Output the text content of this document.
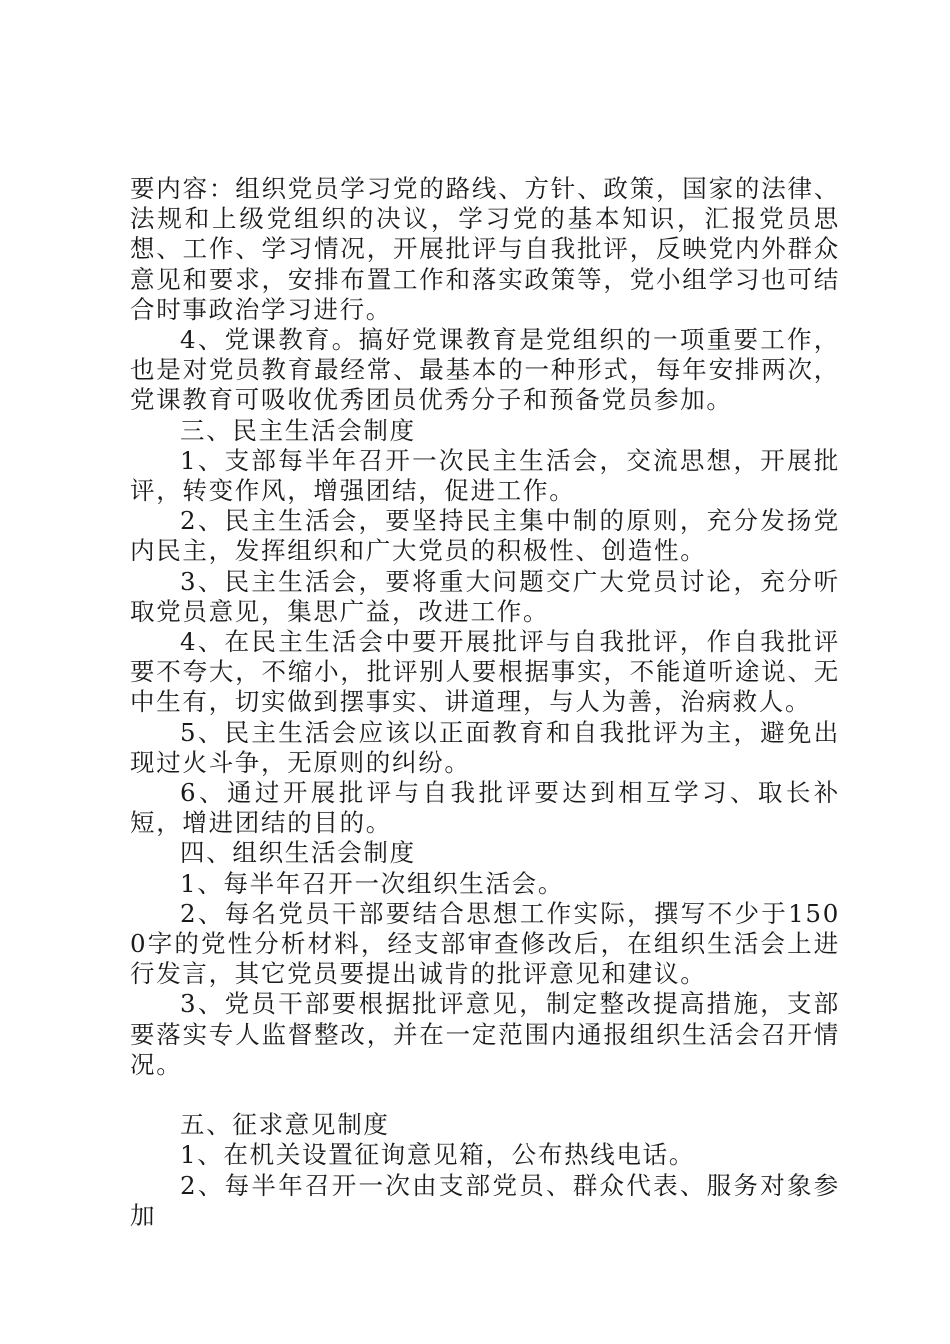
要内容：组织党员学习党的路线、方针、政策，国家的法律、法规和上级党组织的决议，学习党的基本知识，汇报党员思想、工作、学习情况，开展批评与自我批评，反映党内外群众意见和要求，安排布置工作和落实政策等，党小组学习也可结合时事政治学习进行。

4、党课教育。搞好党课教育是党组织的一项重要工作，也是对党员教育最经常、最基本的一种形式，每年安排两次，党课教育可吸收优秀团员优秀分子和预备党员参加。

三、民主生活会制度

1、支部每半年召开一次民主生活会，交流思想，开展批评，转变作风，增强团结，促进工作。

2、民主生活会，要坚持民主集中制的原则，充分发扬党内民主，发挥组织和广大党员的积极性、创造性。

3、民主生活会，要将重大问题交广大党员讨论，充分听取党员意见，集思广益，改进工作。

4、在民主生活会中要开展批评与自我批评，作自我批评要不夸大，不缩小，批评别人要根据事实，不能道听途说、无中生有，切实做到摆事实、讲道理，与人为善，治病救人。

5、民主生活会应该以正面教育和自我批评为主，避免出现过火斗争，无原则的纠纷。

6、通过开展批评与自我批评要达到相互学习、取长补短，增进团结的目的。

四、组织生活会制度

1、每半年召开一次组织生活会。

2、每名党员干部要结合思想工作实际，撰写不少于1500字的党性分析材料，经支部审查修改后，在组织生活会上进行发言，其它党员要提出诚肯的批评意见和建议。

3、党员干部要根据批评意见，制定整改提高措施，支部要落实专人监督整改，并在一定范围内通报组织生活会召开情况。

五、征求意见制度

1、在机关设置征询意见箱，公布热线电话。

2、每半年召开一次由支部党员、群众代表、服务对象参加
